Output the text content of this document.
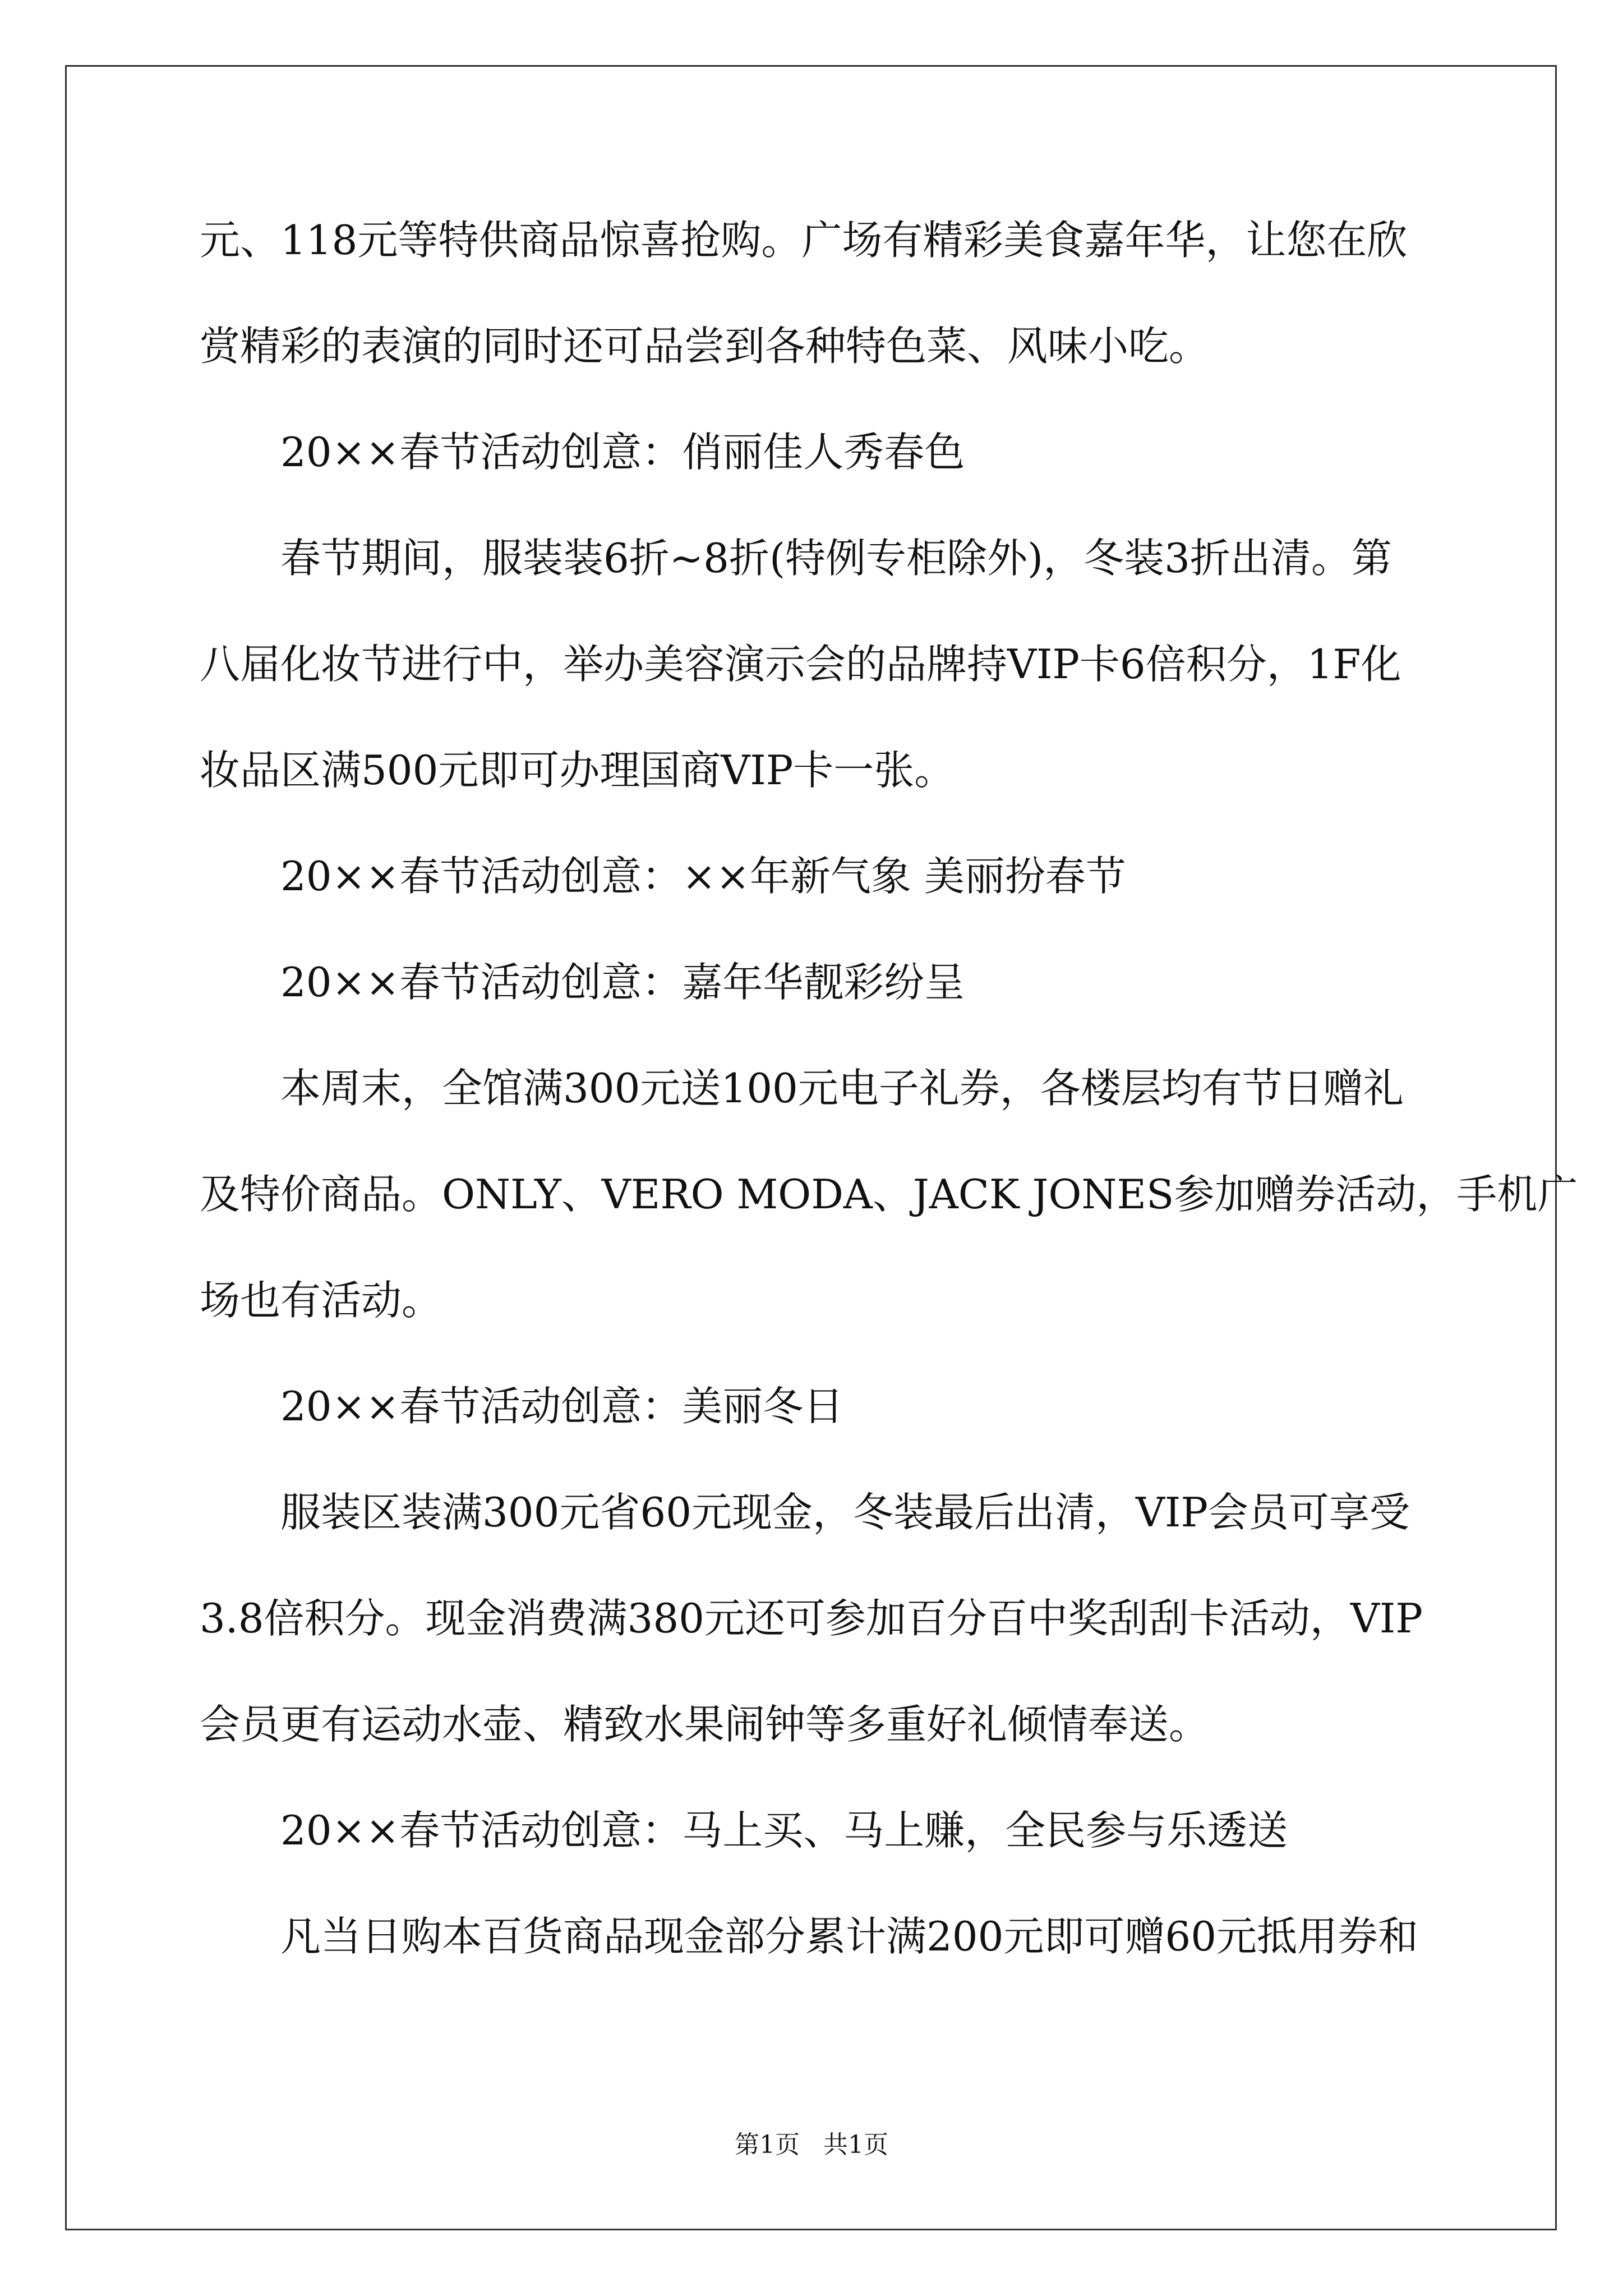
元、118元等特供商品惊喜抢购。广场有精彩美食嘉年华，让您在欣
赏精彩的表演的同时还可品尝到各种特色菜、风味小吃。
20××春节活动创意：俏丽佳人秀春色
春节期间，服装装6折~8折(特例专柜除外)，冬装3折出清。第
八届化妆节进行中，举办美容演示会的品牌持VIP卡6倍积分，1F化
妆品区满500元即可办理国商VIP卡一张。
20××春节活动创意：××年新气象 美丽扮春节
20××春节活动创意：嘉年华靓彩纷呈
本周末，全馆满300元送100元电子礼券，各楼层均有节日赠礼
及特价商品。ONLY、VERO MODA、JACK JONES参加赠券活动，手机广
场也有活动。
20××春节活动创意：美丽冬日
服装区装满300元省60元现金，冬装最后出清，VIP会员可享受
3.8倍积分。现金消费满380元还可参加百分百中奖刮刮卡活动，VIP
会员更有运动水壶、精致水果闹钟等多重好礼倾情奉送。
20××春节活动创意：马上买、马上赚，全民参与乐透送
凡当日购本百货商品现金部分累计满200元即可赠60元抵用券和
第1页 共1页
